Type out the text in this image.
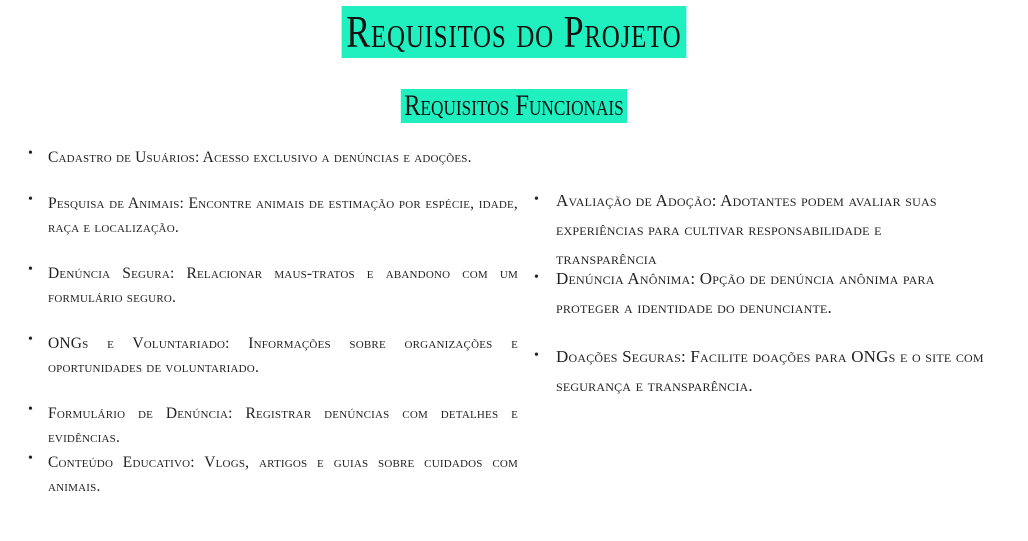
Requisitos do Projeto
Requisitos Funcionais
• Cadastro de Usuários: Acesso exclusivo a denúncias e adoções.
• Pesquisa de Animais: Encontre animais de estimação por espécie, idade, raça e localização.
• Denúncia Segura: Relacionar maus-tratos e abandono com um formulário seguro.
• ONGs e Voluntariado: Informações sobre organizações e oportunidades de voluntariado.
• Formulário de Denúncia: Registrar denúncias com detalhes e evidências.
• Conteúdo Educativo: Vlogs, artigos e guias sobre cuidados com animais.
• Avaliação de Adoção: Adotantes podem avaliar suas experiências para cultivar responsabilidade e transparência
• Denúncia Anônima: Opção de denúncia anônima para proteger a identidade do denunciante.
• Doações Seguras: Facilite doações para ONGs e o site com segurança e transparência.
